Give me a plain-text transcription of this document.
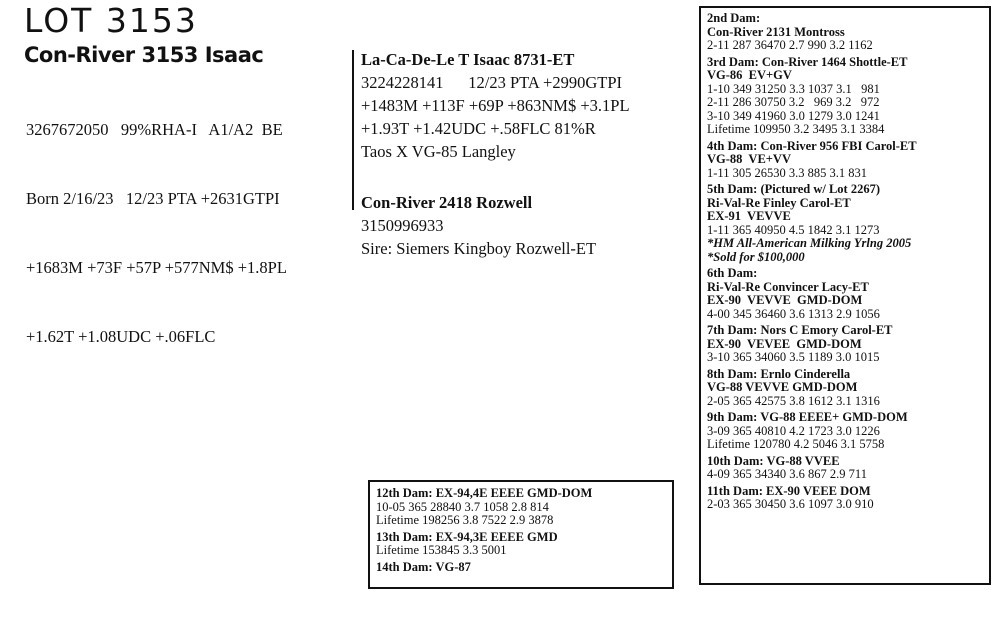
LOT 3153
Con-River 3153 Isaac

3267672050   99%RHA-I   A1/A2  BE

Born 2/16/23   12/23 PTA +2631GTPI

+1683M +73F +57P +577NM$ +1.8PL

+1.62T +1.08UDC +.06FLC

La-Ca-De-Le T Isaac 8731-ET
3224228141      12/23 PTA +2990GTPI
+1483M +113F +69P +863NM$ +3.1PL
+1.93T +1.42UDC +.58FLC 81%R
Taos X VG-85 Langley
Con-River 2418 Rozwell
3150996933
Sire: Siemers Kingboy Rozwell-ET
2nd Dam:
Con-River 2131 Montross
2-11 287 36470 2.7 990 3.2 1162
3rd Dam: Con-River 1464 Shottle-ET
VG-86  EV+GV
1-10 349 31250 3.3 1037 3.1   981
2-11 286 30750 3.2   969 3.2   972
3-10 349 41960 3.0 1279 3.0 1241
Lifetime 109950 3.2 3495 3.1 3384
4th Dam: Con-River 956 FBI Carol-ET
VG-88  VE+VV
1-11 305 26530 3.3 885 3.1 831
5th Dam: (Pictured w/ Lot 2267)
Ri-Val-Re Finley Carol-ET
EX-91  VEVVE
1-11 365 40950 4.5 1842 3.1 1273
*HM All-American Milking Yrlng 2005
*Sold for $100,000
6th Dam:
Ri-Val-Re Convincer Lacy-ET
EX-90  VEVVE  GMD-DOM
4-00 345 36460 3.6 1313 2.9 1056
7th Dam: Nors C Emory Carol-ET
EX-90  VEVEE  GMD-DOM
3-10 365 34060 3.5 1189 3.0 1015
8th Dam: Ernlo Cinderella
VG-88 VEVVE GMD-DOM
2-05 365 42575 3.8 1612 3.1 1316
9th Dam: VG-88 EEEE+ GMD-DOM
3-09 365 40810 4.2 1723 3.0 1226
Lifetime 120780 4.2 5046 3.1 5758
10th Dam: VG-88 VVEE
4-09 365 34340 3.6 867 2.9 711
11th Dam: EX-90 VEEE DOM
2-03 365 30450 3.6 1097 3.0 910
12th Dam: EX-94,4E EEEE GMD-DOM
10-05 365 28840 3.7 1058 2.8 814
Lifetime 198256 3.8 7522 2.9 3878
13th Dam: EX-94,3E EEEE GMD
Lifetime 153845 3.3 5001
14th Dam: VG-87
